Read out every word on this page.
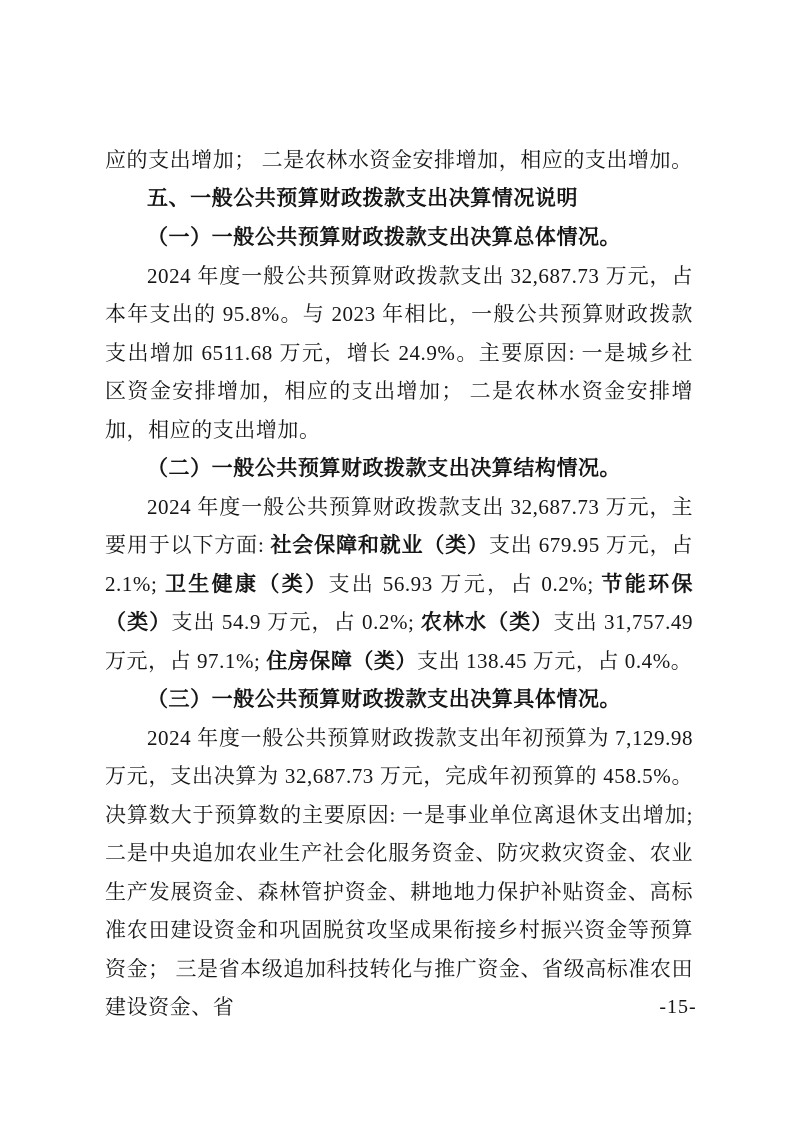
应的支出增加； 二是农林水资金安排增加，相应的支出增加。

五、一般公共预算财政拨款支出决算情况说明

（一）一般公共预算财政拨款支出决算总体情况。

2024 年度一般公共预算财政拨款支出 32,687.73 万元，占本年支出的 95.8%。与 2023 年相比，一般公共预算财政拨款支出增加 6511.68 万元，增长 24.9%。主要原因: 一是城乡社区资金安排增加，相应的支出增加； 二是农林水资金安排增加，相应的支出增加。

（二）一般公共预算财政拨款支出决算结构情况。

2024 年度一般公共预算财政拨款支出 32,687.73 万元，主要用于以下方面: 社会保障和就业（类）支出 679.95 万元，占 2.1%; 卫生健康（类）支出 56.93 万元，占 0.2%; 节能环保（类）支出 54.9 万元，占 0.2%; 农林水（类）支出 31,757.49 万元，占 97.1%; 住房保障（类）支出 138.45 万元，占 0.4%。

（三）一般公共预算财政拨款支出决算具体情况。

2024 年度一般公共预算财政拨款支出年初预算为 7,129.98 万元，支出决算为 32,687.73 万元，完成年初预算的 458.5%。决算数大于预算数的主要原因: 一是事业单位离退休支出增加; 二是中央追加农业生产社会化服务资金、防灾救灾资金、农业生产发展资金、森林管护资金、耕地地力保护补贴资金、高标准农田建设资金和巩固脱贫攻坚成果衔接乡村振兴资金等预算资金； 三是省本级追加科技转化与推广资金、省级高标准农田建设资金、省	-15-
